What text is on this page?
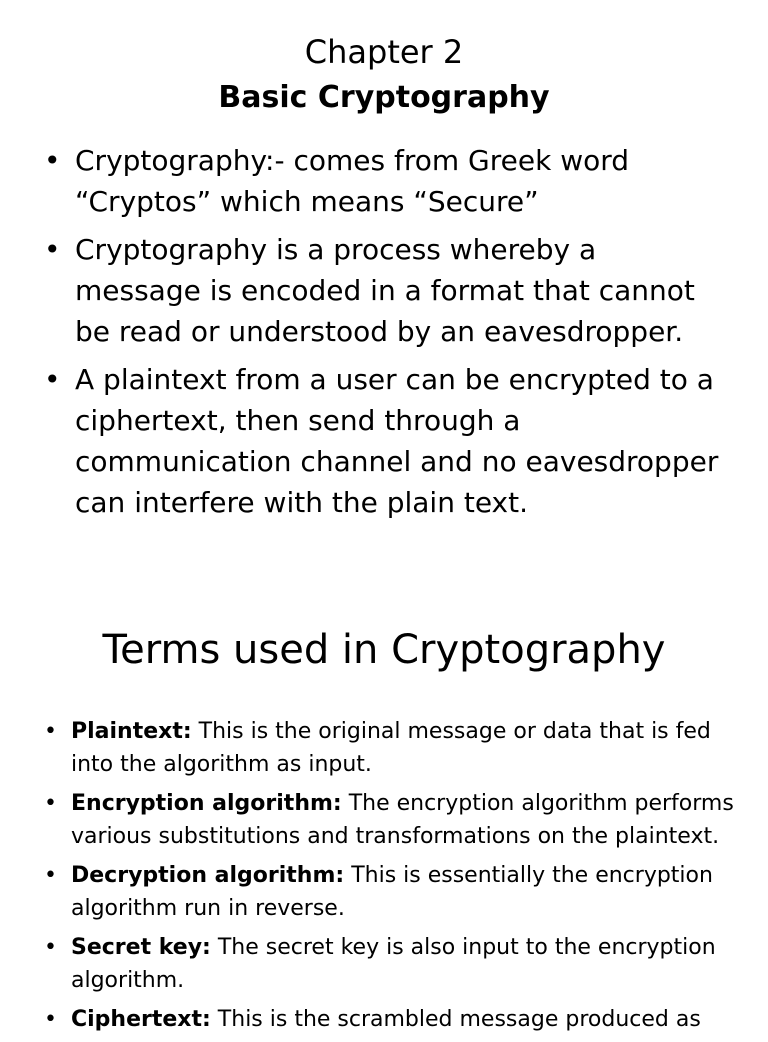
Chapter 2
Basic Cryptography
• Cryptography:- comes from Greek word “Cryptos” which means “Secure”
• Cryptography is a process whereby a message is encoded in a format that cannot be read or understood by an eavesdropper.
• A plaintext from a user can be encrypted to a ciphertext, then send through a communication channel and no eavesdropper can interfere with the plain text.
Terms used in Cryptography
• Plaintext: This is the original message or data that is fed into the algorithm as input.
• Encryption algorithm: The encryption algorithm performs various substitutions and transformations on the plaintext.
• Decryption algorithm: This is essentially the encryption algorithm run in reverse.
• Secret key: The secret key is also input to the encryption algorithm.
• Ciphertext: This is the scrambled message produced as
